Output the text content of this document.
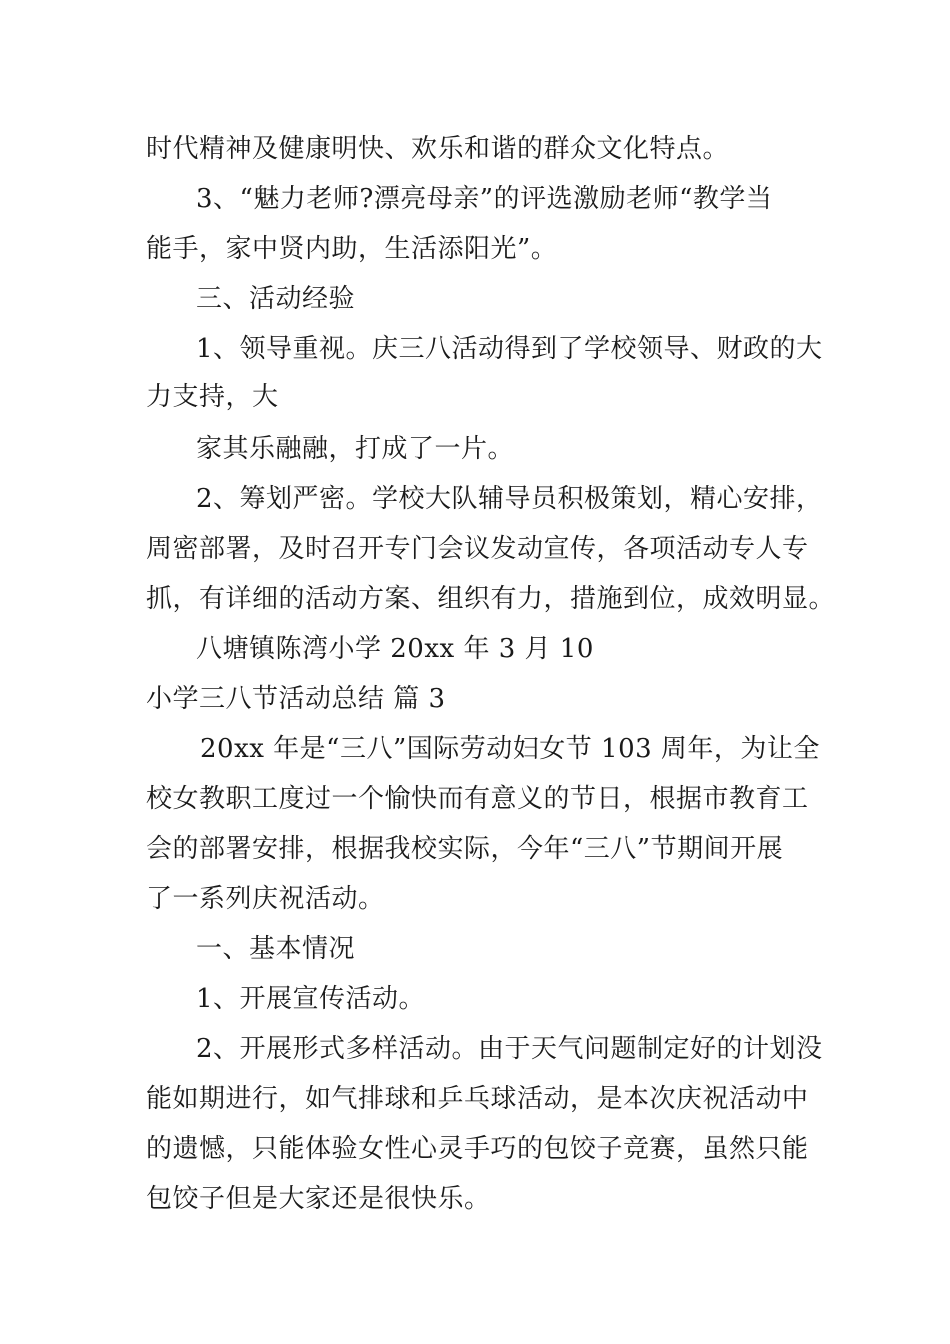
时代精神及健康明快、欢乐和谐的群众文化特点。
3、“魅力老师?漂亮母亲”的评选激励老师“教学当
能手，家中贤内助，生活添阳光”。
三、活动经验
1、领导重视。庆三八活动得到了学校领导、财政的大
力支持，大
家其乐融融，打成了一片。
2、筹划严密。学校大队辅导员积极策划，精心安排，
周密部署，及时召开专门会议发动宣传，各项活动专人专
抓，有详细的活动方案、组织有力，措施到位，成效明显。
八塘镇陈湾小学 20xx 年 3 月 10
小学三八节活动总结 篇 3
20xx 年是“三八”国际劳动妇女节 103 周年，为让全
校女教职工度过一个愉快而有意义的节日，根据市教育工
会的部署安排，根据我校实际，今年“三八”节期间开展
了一系列庆祝活动。
一、基本情况
1、开展宣传活动。
2、开展形式多样活动。由于天气问题制定好的计划没
能如期进行，如气排球和乒乓球活动，是本次庆祝活动中
的遗憾，只能体验女性心灵手巧的包饺子竞赛，虽然只能
包饺子但是大家还是很快乐。
